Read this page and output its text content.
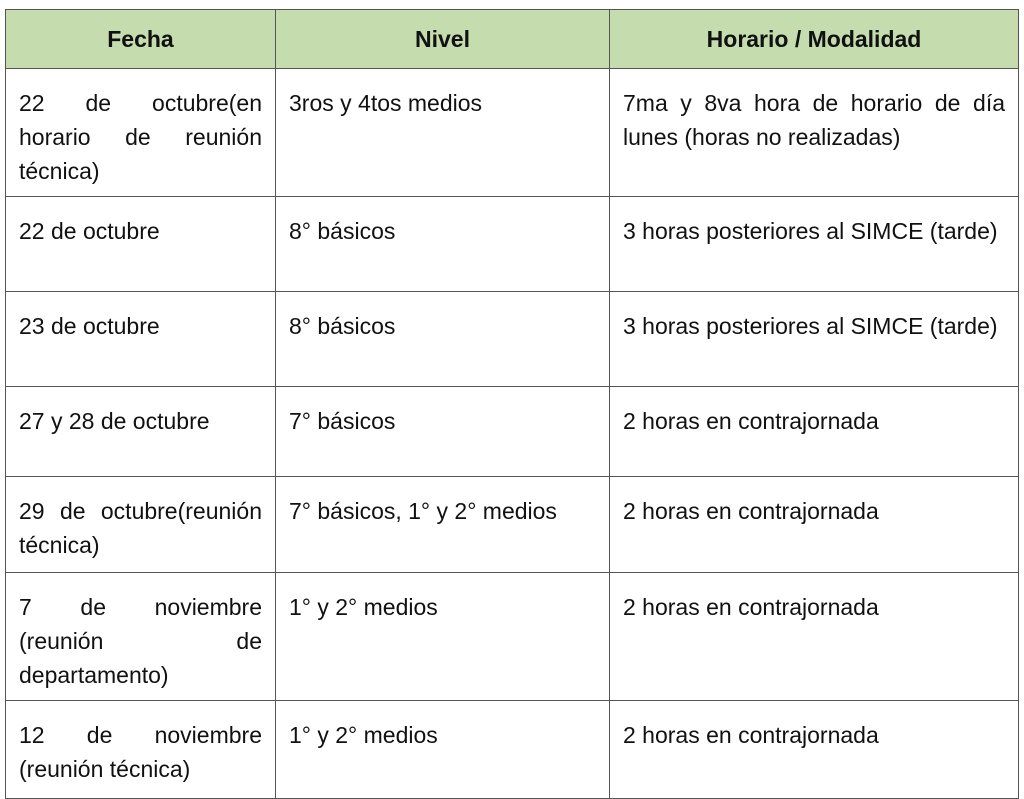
Fecha	Nivel	Horario / Modalidad
22 de octubre(en horario de reunión técnica)	3ros y 4tos medios	7ma y 8va hora de horario de día lunes (horas no realizadas)
22 de octubre	8° básicos	3 horas posteriores al SIMCE (tarde)
23 de octubre	8° básicos	3 horas posteriores al SIMCE (tarde)
27 y 28 de octubre	7° básicos	2 horas en contrajornada
29 de octubre(reunión técnica)	7° básicos, 1° y 2° medios	2 horas en contrajornada
7 de noviembre (reunión de departamento)	1° y 2° medios	2 horas en contrajornada
12 de noviembre (reunión técnica)	1° y 2° medios	2 horas en contrajornada
